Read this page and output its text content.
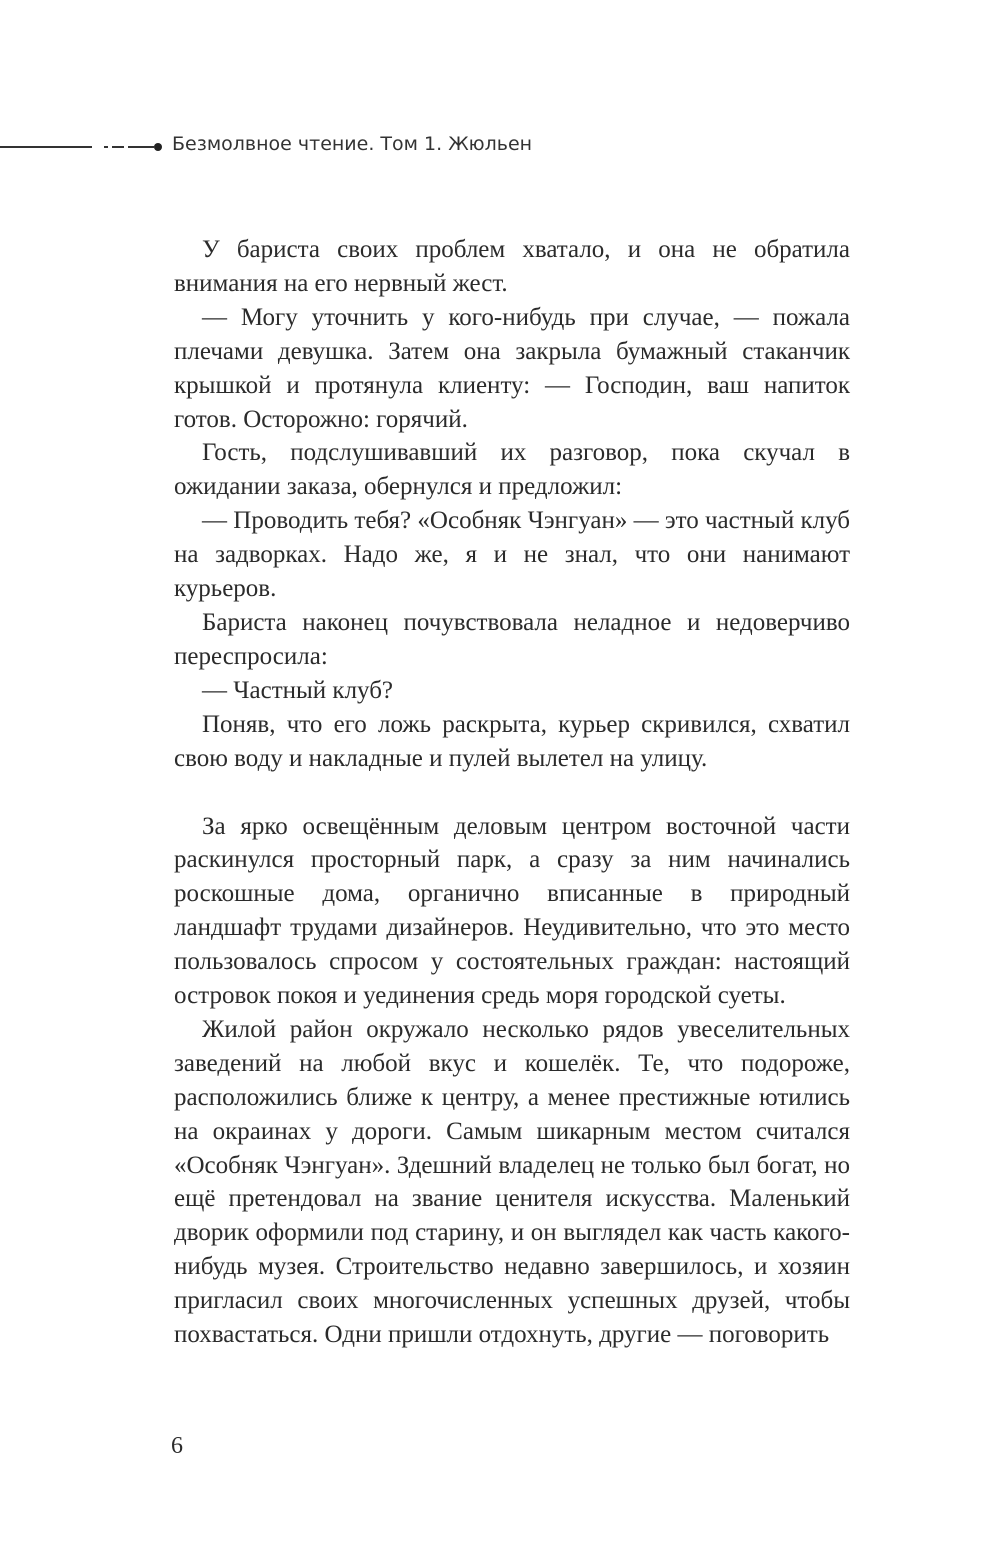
Безмолвное чтение. Том 1. Жюльен

У бариста своих проблем хватало, и она не обратила внимания на его нервный жест.

— Могу уточнить у кого-нибудь при случае, — пожала плечами девушка. Затем она закрыла бумажный стаканчик крышкой и протянула клиенту: — Господин, ваш напиток готов. Осторожно: горячий.

Гость, подслушивавший их разговор, пока скучал в ожидании заказа, обернулся и предложил:

— Проводить тебя? «Особняк Чэнгуан» — это частный клуб на задворках. Надо же, я и не знал, что они нанимают курьеров.

Бариста наконец почувствовала неладное и недоверчиво переспросила:

— Частный клуб?

Поняв, что его ложь раскрыта, курьер скривился, схватил свою воду и накладные и пулей вылетел на улицу.

За ярко освещённым деловым центром восточной части раскинулся просторный парк, а сразу за ним начинались роскошные дома, органично вписанные в природный ландшафт трудами дизайнеров. Неудивительно, что это место пользовалось спросом у состоятельных граждан: настоящий островок покоя и уединения средь моря городской суеты.

Жилой район окружало несколько рядов увеселительных заведений на любой вкус и кошелёк. Те, что подороже, расположились ближе к центру, а менее престижные ютились на окраинах у дороги. Самым шикарным местом считался «Особняк Чэнгуан». Здешний владелец не только был богат, но ещё претендовал на звание ценителя искусства. Маленький дворик оформили под старину, и он выглядел как часть какого-нибудь музея. Строительство недавно завершилось, и хозяин пригласил своих многочисленных успешных друзей, чтобы похвастаться. Одни пришли отдохнуть, другие — поговорить

6
